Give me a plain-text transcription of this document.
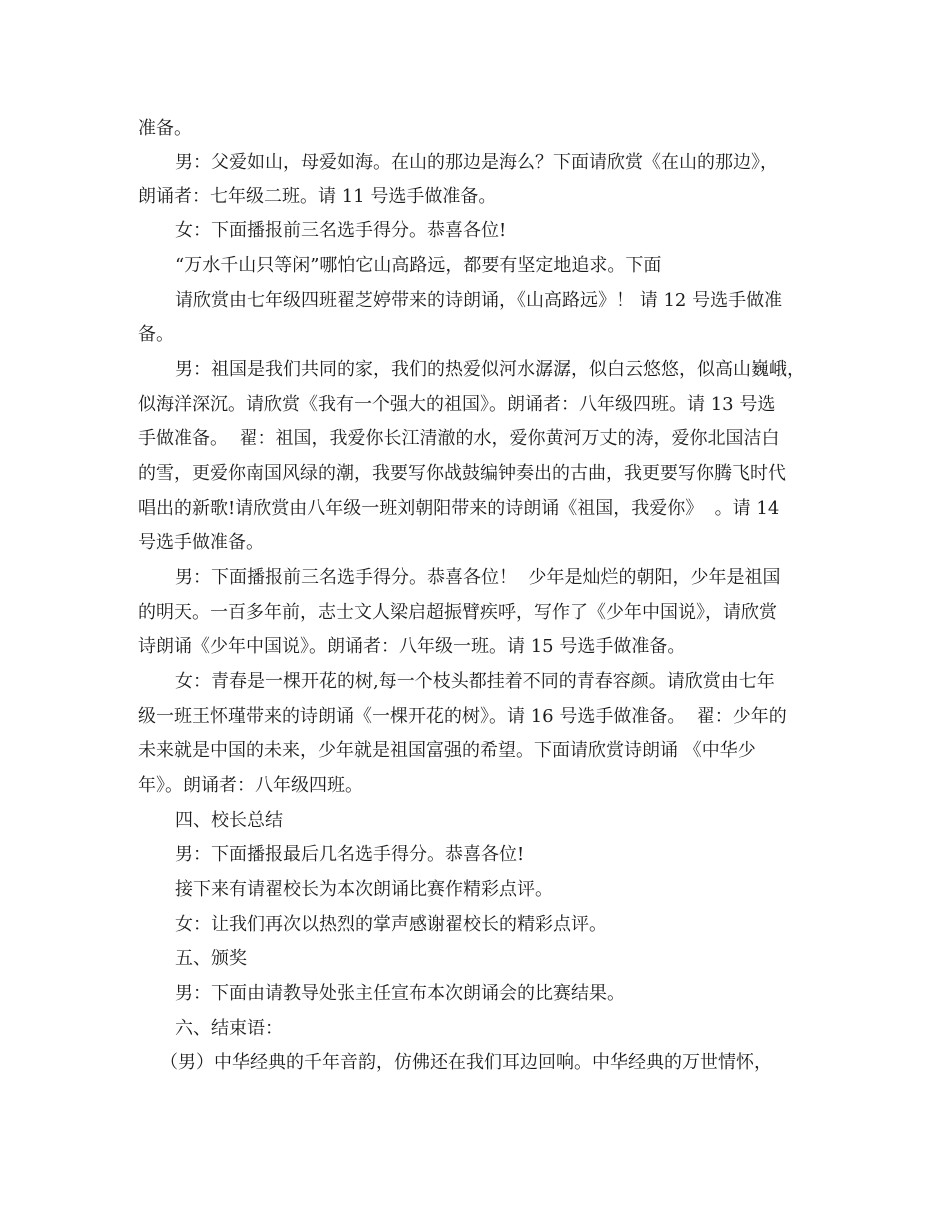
准备。
男：父爱如山，母爱如海。在山的那边是海么？下面请欣赏《在山的那边》，
朗诵者：七年级二班。请 11 号选手做准备。
女：下面播报前三名选手得分。恭喜各位!
“万水千山只等闲”哪怕它山高路远，都要有坚定地追求。下面
请欣赏由七年级四班翟芝婷带来的诗朗诵，《山高路远》！ 请 12 号选手做准
备。
男：祖国是我们共同的家，我们的热爱似河水潺潺，似白云悠悠，似高山巍峨，
似海洋深沉。请欣赏《我有一个强大的祖国》。朗诵者：八年级四班。请 13 号选
手做准备。  翟：祖国，我爱你长江清澈的水，爱你黄河万丈的涛，爱你北国洁白
的雪，更爱你南国风绿的潮，我要写你战鼓编钟奏出的古曲，我更要写你腾飞时代
唱出的新歌!请欣赏由八年级一班刘朝阳带来的诗朗诵《祖国，我爱你》  。请 14
号选手做准备。
男：下面播报前三名选手得分。恭喜各位！  少年是灿烂的朝阳，少年是祖国
的明天。一百多年前，志士文人梁启超振臂疾呼，写作了《少年中国说》，请欣赏
诗朗诵《少年中国说》。朗诵者：八年级一班。请 15 号选手做准备。
女：青春是一棵开花的树,每一个枝头都挂着不同的青春容颜。请欣赏由七年
级一班王怀瑾带来的诗朗诵《一棵开花的树》。请 16 号选手做准备。  翟：少年的
未来就是中国的未来，少年就是祖国富强的希望。下面请欣赏诗朗诵 《中华少
年》。朗诵者：八年级四班。
四、校长总结
男：下面播报最后几名选手得分。恭喜各位!
接下来有请翟校长为本次朗诵比赛作精彩点评。
女：让我们再次以热烈的掌声感谢翟校长的精彩点评。
五、颁奖
男：下面由请教导处张主任宣布本次朗诵会的比赛结果。
六、结束语：
（男）中华经典的千年音韵，仿佛还在我们耳边回响。中华经典的万世情怀，
